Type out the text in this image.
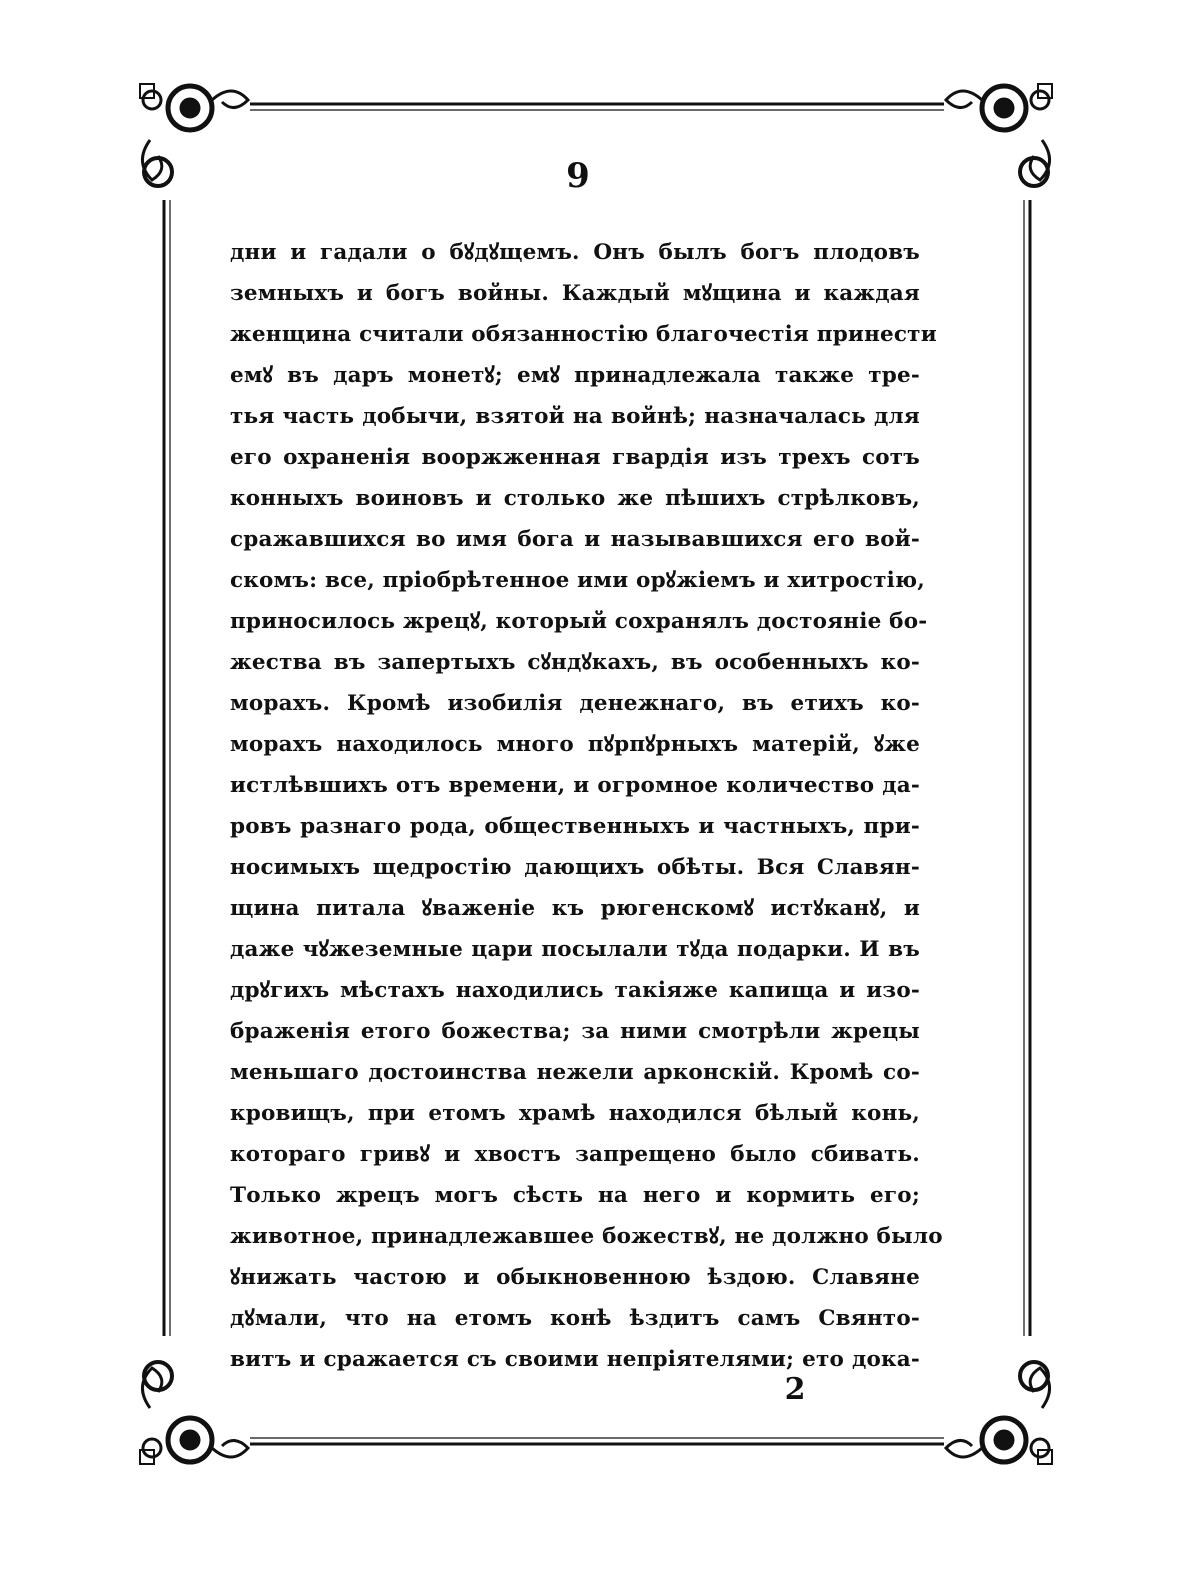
9
дни и гадали о бꙋдꙋщемъ. Онъ былъ богъ плодовъ
земныхъ и богъ войны. Каждый мꙋщина и каждая
женщина считали обязанностію благочестія принести
емꙋ въ даръ монетꙋ; емꙋ принадлежала также тре-
тья часть добычи, взятой на войнѣ; назначалась для
его охраненія вооржженная гвардія изъ трехъ сотъ
конныхъ воиновъ и столько же пѣшихъ стрѣлковъ,
сражавшихся во имя бога и называвшихся его вой-
скомъ: все, пріобрѣтенное ими орꙋжіемъ и хитростію,
приносилось жрецꙋ, который сохранялъ достояніе бо-
жества въ запертыхъ сꙋндꙋкахъ, въ особенныхъ ко-
морахъ. Кромѣ изобилія денежнаго, въ етихъ ко-
морахъ находилось много пꙋрпꙋрныхъ матерій, ꙋже
истлѣвшихъ отъ времени, и огромное количество да-
ровъ разнаго рода, общественныхъ и частныхъ, при-
носимыхъ щедростію дающихъ обѣты. Вся Славян-
щина питала ꙋваженіе къ рюгенскомꙋ истꙋканꙋ, и
даже чꙋжеземные цари посылали тꙋда подарки. И въ
дрꙋгихъ мѣстахъ находились такіяже капища и изо-
браженія етого божества; за ними смотрѣли жрецы
меньшаго достоинства нежели арконскій. Кромѣ со-
кровищъ, при етомъ храмѣ находился бѣлый конь,
котораго гривꙋ и хвостъ запрещено было сбивать.
Только жрецъ могъ сѣсть на него и кормить его;
животное, принадлежавшее божествꙋ, не должно было
ꙋнижать частою и обыкновенною ѣздою. Славяне
дꙋмали, что на етомъ конѣ ѣздитъ самъ Свянто-
витъ и сражается съ своими непріятелями; ето дока-
2
